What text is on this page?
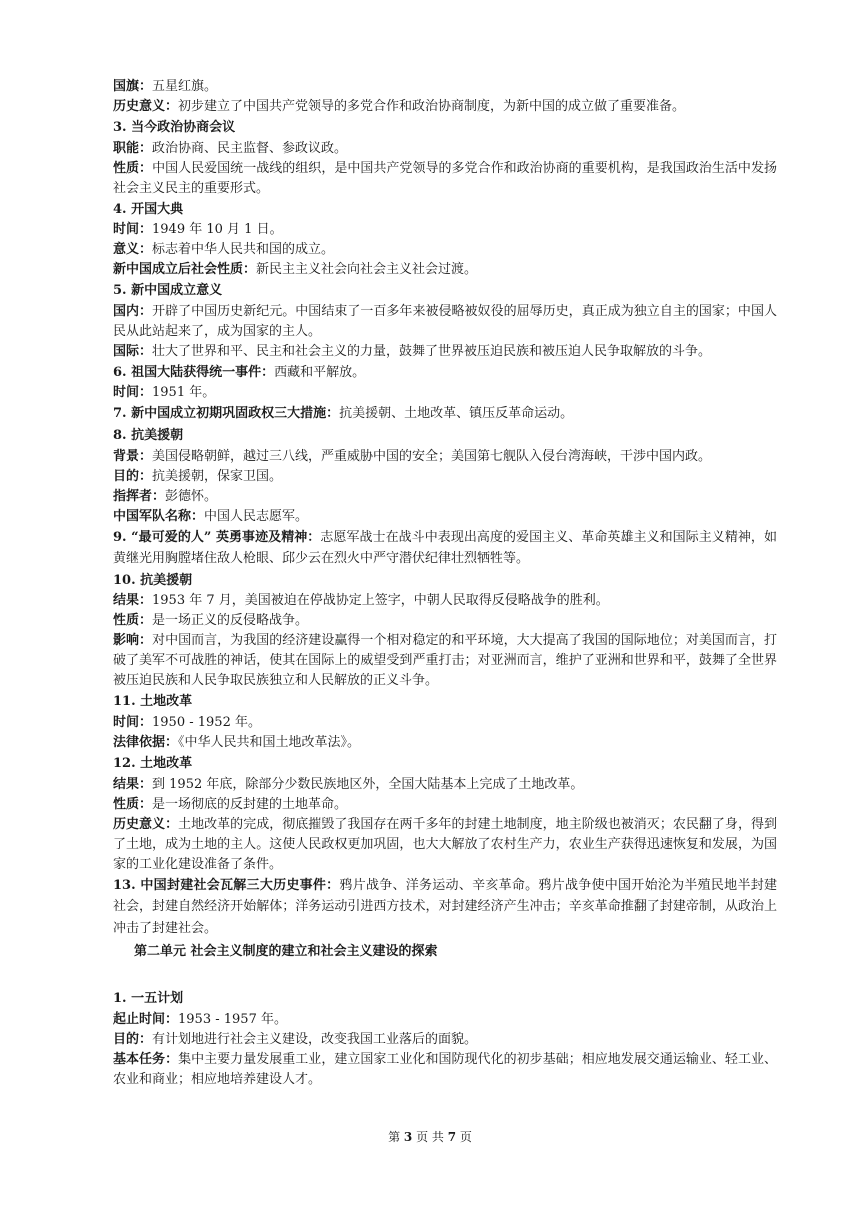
国旗：五星红旗。

历史意义：初步建立了中国共产党领导的多党合作和政治协商制度，为新中国的成立做了重要准备。

3. 当今政治协商会议

职能：政治协商、民主监督、参政议政。

性质：中国人民爱国统一战线的组织，是中国共产党领导的多党合作和政治协商的重要机构，是我国政治生活中发扬社会主义民主的重要形式。

4. 开国大典

时间：1949 年 10 月 1 日。

意义：标志着中华人民共和国的成立。

新中国成立后社会性质：新民主主义社会向社会主义社会过渡。

5. 新中国成立意义

国内：开辟了中国历史新纪元。中国结束了一百多年来被侵略被奴役的屈辱历史，真正成为独立自主的国家；中国人民从此站起来了，成为国家的主人。

国际：壮大了世界和平、民主和社会主义的力量，鼓舞了世界被压迫民族和被压迫人民争取解放的斗争。

6. 祖国大陆获得统一事件：西藏和平解放。

时间：1951 年。

7. 新中国成立初期巩固政权三大措施：抗美援朝、土地改革、镇压反革命运动。

8. 抗美援朝

背景：美国侵略朝鲜，越过三八线，严重威胁中国的安全；美国第七舰队入侵台湾海峡，干涉中国内政。

目的：抗美援朝，保家卫国。

指挥者：彭德怀。

中国军队名称：中国人民志愿军。

9. “最可爱的人” 英勇事迹及精神：志愿军战士在战斗中表现出高度的爱国主义、革命英雄主义和国际主义精神，如黄继光用胸膛堵住敌人枪眼、邱少云在烈火中严守潜伏纪律壮烈牺牲等。

10. 抗美援朝

结果：1953 年 7 月，美国被迫在停战协定上签字，中朝人民取得反侵略战争的胜利。

性质：是一场正义的反侵略战争。

影响：对中国而言，为我国的经济建设赢得一个相对稳定的和平环境，大大提高了我国的国际地位；对美国而言，打破了美军不可战胜的神话，使其在国际上的威望受到严重打击；对亚洲而言，维护了亚洲和世界和平，鼓舞了全世界被压迫民族和人民争取民族独立和人民解放的正义斗争。

11. 土地改革

时间：1950 - 1952 年。

法律依据：《中华人民共和国土地改革法》。

12. 土地改革

结果：到 1952 年底，除部分少数民族地区外，全国大陆基本上完成了土地改革。

性质：是一场彻底的反封建的土地革命。

历史意义：土地改革的完成，彻底摧毁了我国存在两千多年的封建土地制度，地主阶级也被消灭；农民翻了身，得到了土地，成为土地的主人。这使人民政权更加巩固，也大大解放了农村生产力，农业生产获得迅速恢复和发展，为国家的工业化建设准备了条件。

13. 中国封建社会瓦解三大历史事件：鸦片战争、洋务运动、辛亥革命。鸦片战争使中国开始沦为半殖民地半封建社会，封建自然经济开始解体；洋务运动引进西方技术，对封建经济产生冲击；辛亥革命推翻了封建帝制，从政治上冲击了封建社会。

第二单元 社会主义制度的建立和社会主义建设的探索

1. 一五计划

起止时间：1953 - 1957 年。

目的：有计划地进行社会主义建设，改变我国工业落后的面貌。

基本任务：集中主要力量发展重工业，建立国家工业化和国防现代化的初步基础；相应地发展交通运输业、轻工业、农业和商业；相应地培养建设人才。

第 3 页 共 7 页
